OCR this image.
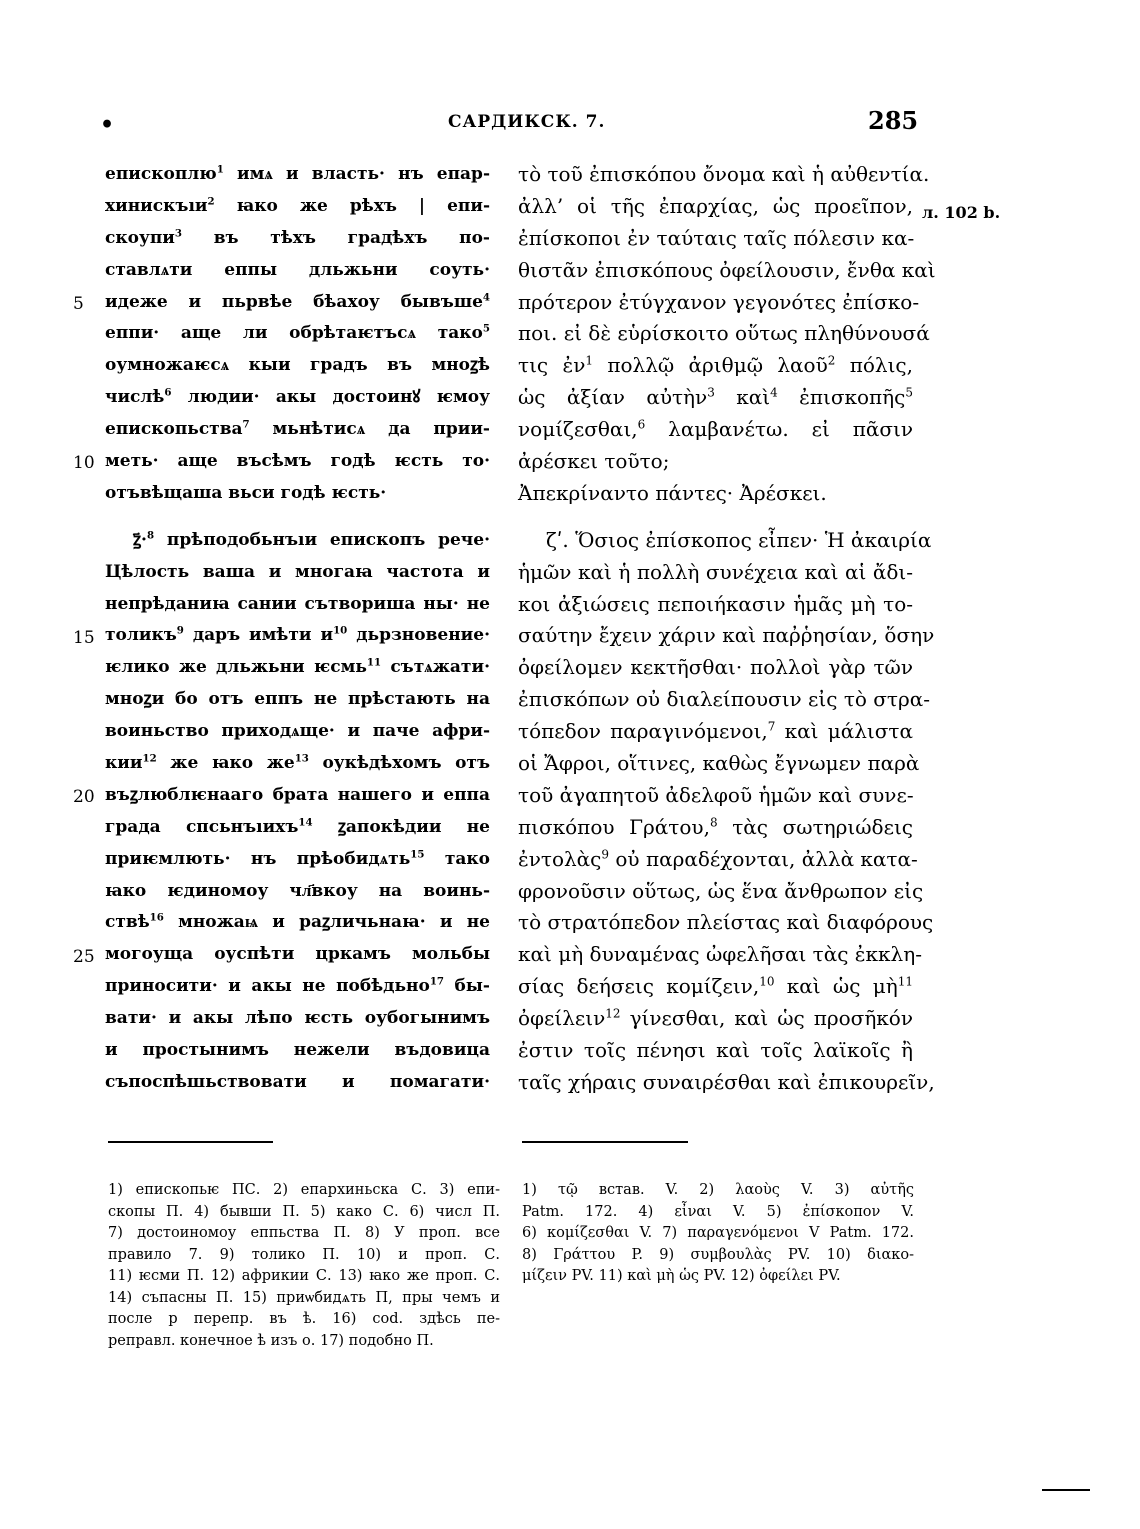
•	САРДИКСК. 7.	285
л. 102 b.
5
10
15
20
25
епископлю$^1$ имѧ и власть· нъ епар-
хинискъıи$^2$ ꙗко же рѣхъ | епи-
скоупи$^3$ въ тѣхъ градѣхъ по-
ставлѧти еппы дльжьни соуть·
идеже и пьрвѣе бѣахоу бывъше$^4$
еппи· аще ли обрѣтаѥтъсѧ тако$^5$
оумножаѥсѧ кыи градъ въ мноꙁѣ
числѣ$^6$ людии· акы достоинꙋ ѥмоу
епископьства$^7$ мьнѣтисѧ да прии-
меть· аще въсѣмъ годѣ ѥсть то·
отъвѣщаша вьси годѣ ѥсть·
ꙁ҃·$^8$ прѣподобьнъıи епископъ рече·
Цѣлость ваша и многаꙗ частота и
непрѣданиꙗ сании сътвориша ны· не
толикъ$^9$ даръ имѣти $и^{10}$ дьрзновение·
ѥлико же дльжьни ѥсмь$^{11}$ сътѧжати·
мноꙁи бо отъ еппъ не прѣстають на
воиньство приходѧще· и паче афри-
кии$^{12}$ же ꙗко $же^{13}$ оукѣдѣхомъ отъ
въꙁлюблѥнааго брата нашего и еппа
града спсьнъıихъ$^{14}$ ꙁапокѣдии не
приѥмлють· нъ прѣобидѧть$^{15}$ тако
ꙗко ѥдиномоу чл҃вкоу на воинь-
ствѣ$^{16}$ множаѩ и раꙁличьнаꙗ· и не
могоуща оуспѣти цркамъ мольбы
приносити· и акы не побѣдьно$^{17}$ бы-
вати· и акы лѣпо ѥсть оубогынимъ
и простынимъ нежели въдовица
съпоспѣшьствовати и помагати·
τὸ τοῦ ἐπισκόπου ὄνομα καὶ ἡ αὐθεντία.
ἀλλ’ οἱ τῆς ἐπαρχίας, ὡς προεῖπον,
ἐπίσκοποι ἐν ταύταις ταῖς πόλεσιν κα-
θιστᾶν ἐπισκόπους ὀφείλουσιν, ἔνθα καὶ
πρότερον ἐτύγχανον γεγονότες ἐπίσκο-
ποι. εἰ δὲ εὑρίσκοιτο οὕτως πληθύνουσά
τις ἐν$^1$ πολλῷ ἀριθμῷ λαοῦ$^2$ πόλις,
ὡς ἀξίαν αὐτὴν$^3$ καὶ$^4$ ἐπισκοπῆς$^5$
νομίζεσθαι,$^6$ λαμβανέτω. εἰ πᾶσιν
ἀρέσκει τοῦτο;
Ἀπεκρίναντο πάντες· Ἀρέσκει.
ζʹ. Ὅσιος ἐπίσκοπος εἶπεν· Ἡ ἀκαιρία
ἡμῶν καὶ ἡ πολλὴ συνέχεια καὶ αἱ ἄδι-
κοι ἀξιώσεις πεποιήκασιν ἡμᾶς μὴ το-
σαύτην ἔχειν χάριν καὶ παῤῥησίαν, ὅσην
ὀφείλομεν κεκτῆσθαι· πολλοὶ γὰρ τῶν
ἐπισκόπων οὐ διαλείπουσιν εἰς τὸ στρα-
τόπεδον παραγινόμενοι,$^7$ καὶ μάλιστα
οἱ Ἄφροι, οἵτινες, καθὼς ἔγνωμεν παρὰ
τοῦ ἀγαπητοῦ ἀδελφοῦ ἡμῶν καὶ συνε-
πισκόπου Γράτου,$^8$ τὰς σωτηριώδεις
ἐντολὰς$^9$ οὐ παραδέχονται, ἀλλὰ κατα-
φρονοῦσιν οὕτως, ὡς ἕνα ἄνθρωπον εἰς
τὸ στρατόπεδον πλείστας καὶ διαφόρους
καὶ μὴ δυναμένας ὠφελῆσαι τὰς ἐκκλη-
σίας δεήσεις κομίζειν,$^{10}$ καὶ ὡς μὴ$^{11}$
ὀφείλειν$^{12}$ γίνεσθαι, καὶ ὡς προσῆκόν
ἐστιν τοῖς πένησι καὶ τοῖς λαϊκοῖς ἢ
ταῖς χήραις συναιρέσθαι καὶ ἐπικουρεῖν,
1) епископьѥ ПС. 2) епархиньска С. 3) епи-
скопы П. 4) бывши П. 5) како С. 6) числ П.
7) достоиномоу еппьства П. 8) У проп. все
правило 7. 9) толико П. 10) и проп. С.
11) ѥсми П. 12) африкии С. 13) ꙗко же проп. С.
14) съпасны П. 15) приѡбидѧть П, пры чемъ и
после р перепр. въ ѣ. 16) cod. здѣсь пе-
реправл. конечное ѣ изъ о. 17) подобно П.
1) τῷ встав. V. 2) λαοὺς V. 3) αὐτῆς
Patm. 172. 4) εἶναι V. 5) ἐπίσκοπον V.
6) κομίζεσθαι V. 7) παραγενόμενοι V Patm. 172.
8) Γράττου P. 9) συμβουλὰς PV. 10) διακο-
μίζειν PV. 11) καὶ μὴ ὡς PV. 12) ὀφείλει PV.
